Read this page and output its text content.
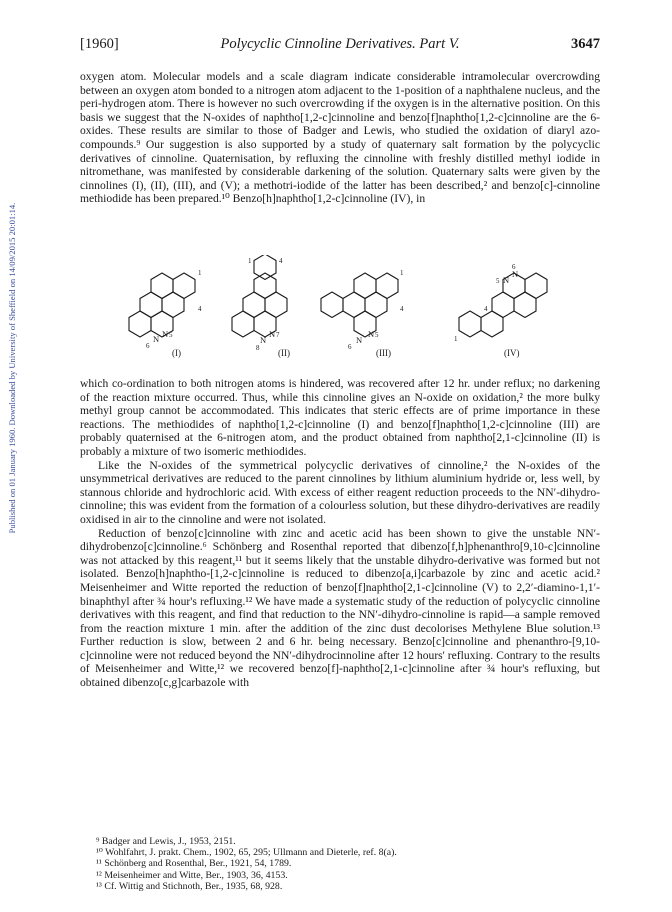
Published on 01 January 1960. Downloaded by University of Sheffield on 14/09/2015 20:01:14.
[1960]	Polycyclic Cinnoline Derivatives. Part V.	3647

oxygen atom. Molecular models and a scale diagram indicate considerable intramolecular overcrowding between an oxygen atom bonded to a nitrogen atom adjacent to the 1-position of a naphthalene nucleus, and the peri-hydrogen atom. There is however no such overcrowding if the oxygen is in the alternative position. On this basis we suggest that the N-oxides of naphtho[1,2-c]cinnoline and benzo[f]naphtho[1,2-c]cinnoline are the 6-oxides. These results are similar to those of Badger and Lewis, who studied the oxidation of diaryl azo-compounds.⁹ Our suggestion is also supported by a study of quaternary salt formation by the polycyclic derivatives of cinnoline. Quaternisation, by refluxing the cinnoline with freshly distilled methyl iodide in nitromethane, was manifested by considerable darkening of the solution. Quaternary salts were given by the cinnolines (I), (II), (III), and (V); a methotri-iodide of the latter has been described,² and benzo[c]-cinnoline methiodide has been prepared.¹⁰ Benzo[h]naphtho[1,2-c]cinnoline (IV), in

N N 5
6
1
4
(I)
N
N 7
8
1	4
(II)
N
N 5
6
1
4
(III)
N
N
5
6
1
4
(IV)

which co-ordination to both nitrogen atoms is hindered, was recovered after 12 hr. under reflux; no darkening of the reaction mixture occurred. Thus, while this cinnoline gives an N-oxide on oxidation,² the more bulky methyl group cannot be accommodated. This indicates that steric effects are of prime importance in these reactions. The methiodides of naphtho[1,2-c]cinnoline (I) and benzo[f]naphtho[1,2-c]cinnoline (III) are probably quaternised at the 6-nitrogen atom, and the product obtained from naphtho[2,1-c]cinnoline (II) is probably a mixture of two isomeric methiodides.

Like the N-oxides of the symmetrical polycyclic derivatives of cinnoline,² the N-oxides of the unsymmetrical derivatives are reduced to the parent cinnolines by lithium aluminium hydride or, less well, by stannous chloride and hydrochloric acid. With excess of either reagent reduction proceeds to the NN′-dihydro-cinnoline; this was evident from the formation of a colourless solution, but these dihydro-derivatives are readily oxidised in air to the cinnoline and were not isolated.

Reduction of benzo[c]cinnoline with zinc and acetic acid has been shown to give the unstable NN′-dihydrobenzo[c]cinnoline.⁶ Schönberg and Rosenthal reported that dibenzo[f,h]phenanthro[9,10-c]cinnoline was not attacked by this reagent,¹¹ but it seems likely that the unstable dihydro-derivative was formed but not isolated. Benzo[h]naphtho-[1,2-c]cinnoline is reduced to dibenzo[a,i]carbazole by zinc and acetic acid.² Meisenheimer and Witte reported the reduction of benzo[f]naphtho[2,1-c]cinnoline (V) to 2,2′-diamino-1,1′-binaphthyl after ¾ hour's refluxing.¹² We have made a systematic study of the reduction of polycyclic cinnoline derivatives with this reagent, and find that reduction to the NN′-dihydro-cinnoline is rapid—a sample removed from the reaction mixture 1 min. after the addition of the zinc dust decolorises Methylene Blue solution.¹³ Further reduction is slow, between 2 and 6 hr. being necessary. Benzo[c]cinnoline and phenanthro-[9,10-c]cinnoline were not reduced beyond the NN′-dihydrocinnoline after 12 hours' refluxing. Contrary to the results of Meisenheimer and Witte,¹² we recovered benzo[f]-naphtho[2,1-c]cinnoline after ¾ hour's refluxing, but obtained dibenzo[c,g]carbazole with

⁹ Badger and Lewis, J., 1953, 2151.
¹⁰ Wohlfahrt, J. prakt. Chem., 1902, 65, 295; Ullmann and Dieterle, ref. 8(a).
¹¹ Schönberg and Rosenthal, Ber., 1921, 54, 1789.
¹² Meisenheimer and Witte, Ber., 1903, 36, 4153.
¹³ Cf. Wittig and Stichnoth, Ber., 1935, 68, 928.
